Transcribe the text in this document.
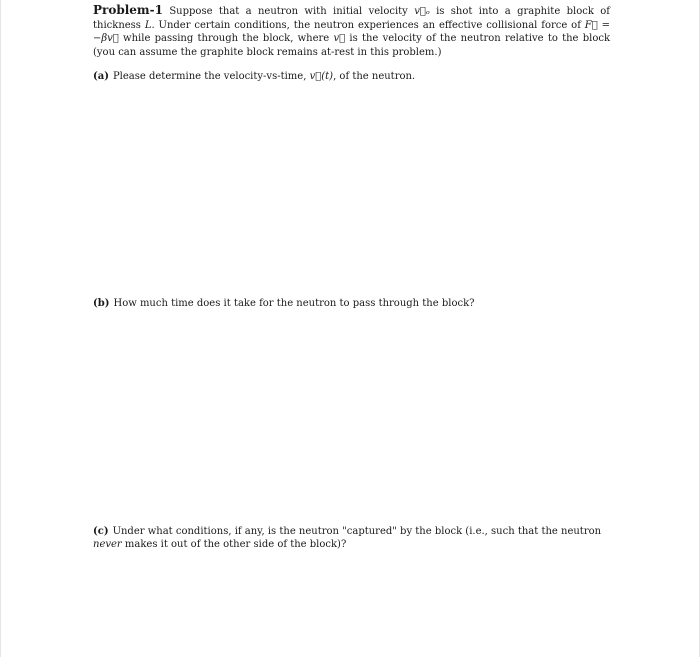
Problem-1 Suppose that a neutron with initial velocity v⃗ₒ is shot into a graphite block of thickness L. Under certain conditions, the neutron experiences an effective collisional force of F⃗ = −βv⃗ while passing through the block, where v⃗ is the velocity of the neutron relative to the block (you can assume the graphite block remains at-rest in this problem.)
(a) Please determine the velocity-vs-time, v⃗(t), of the neutron.
(b) How much time does it take for the neutron to pass through the block?
(c) Under what conditions, if any, is the neutron "captured" by the block (i.e., such that the neutron never makes it out of the other side of the block)?
